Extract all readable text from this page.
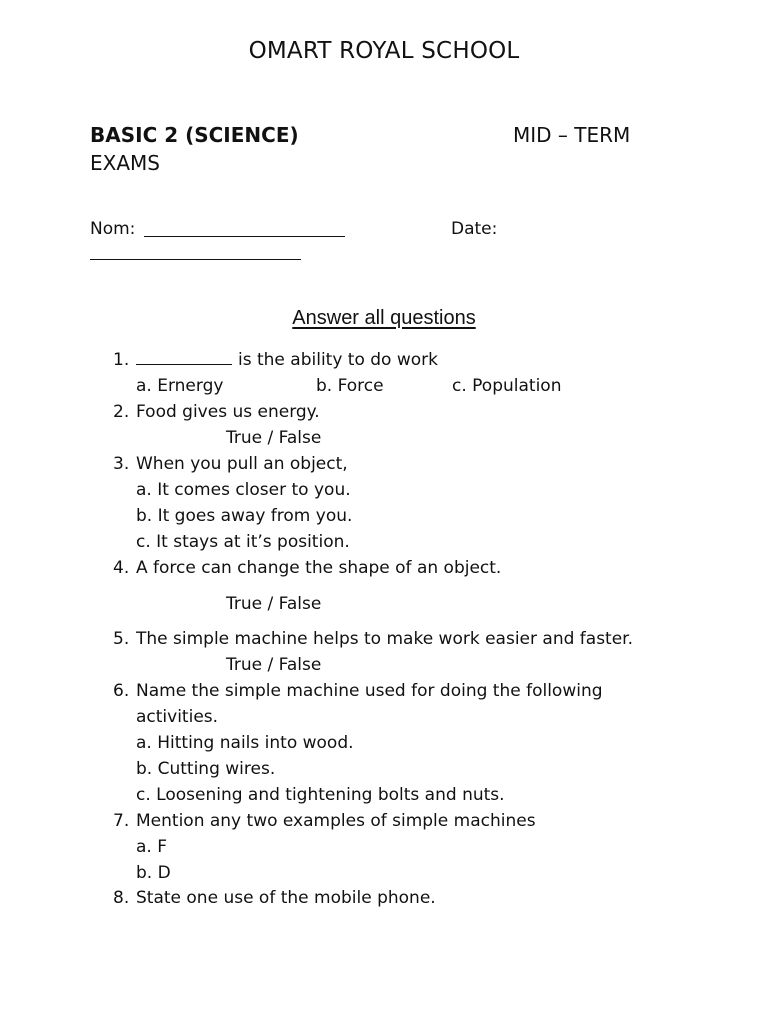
OMART ROYAL SCHOOL
BASIC 2 (SCIENCE)	MID – TERM
EXAMS
Nom:	Date:
Answer all questions
1.	is the ability to do work
a. Ernergy	b. Force	c. Population
2. Food gives us energy.
True / False
3. When you pull an object,
a. It comes closer to you.
b. It goes away from you.
c. It stays at it’s position.
4. A force can change the shape of an object.
True / False
5. The simple machine helps to make work easier and faster.
True / False
6. Name the simple machine used for doing the following
activities.
a. Hitting nails into wood.
b. Cutting wires.
c. Loosening and tightening bolts and nuts.
7. Mention any two examples of simple machines
a. F
b. D
8. State one use of the mobile phone.
